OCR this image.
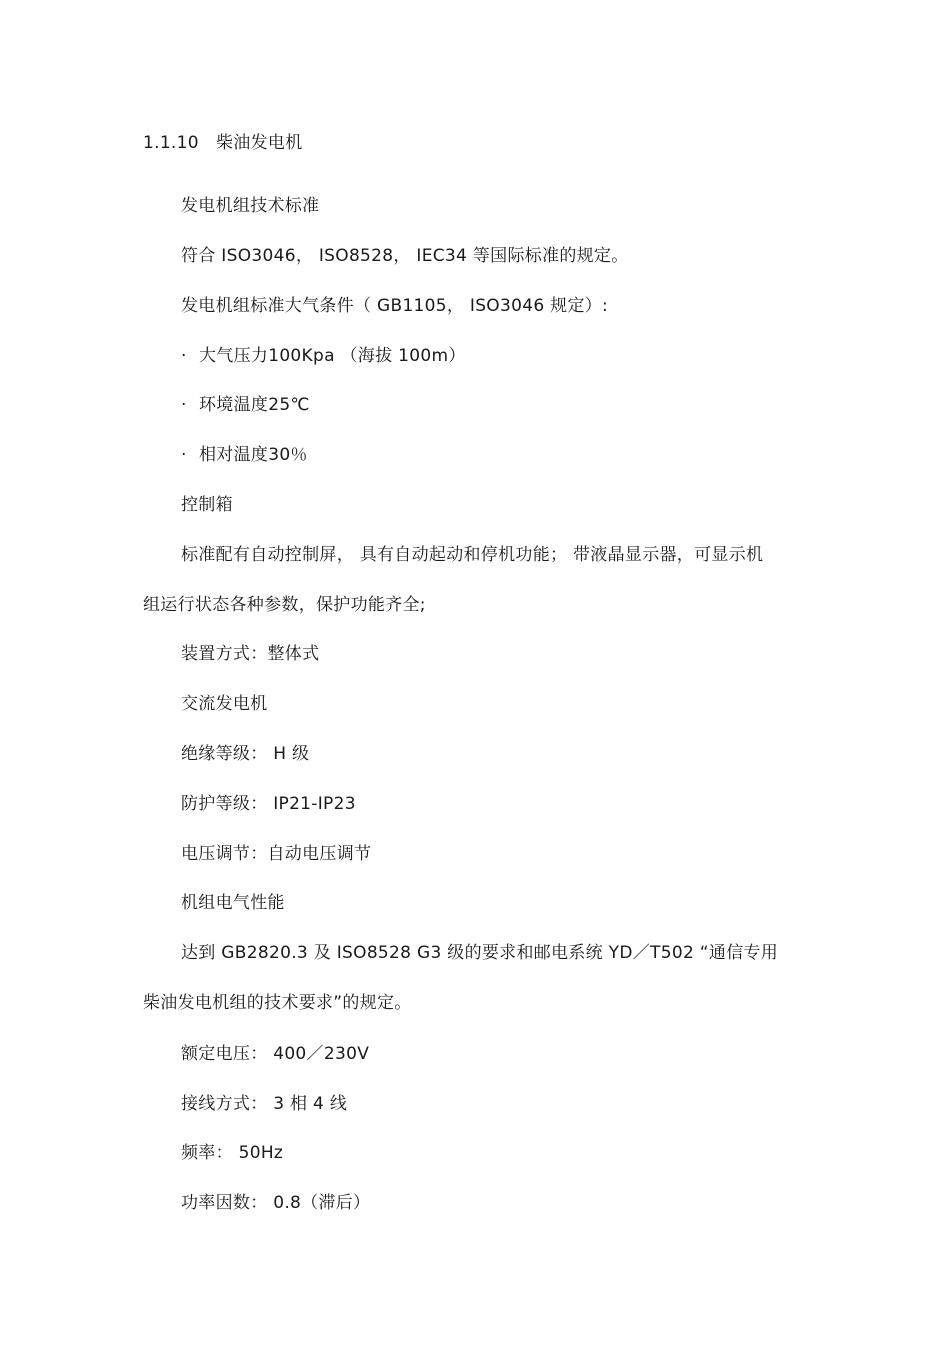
1.1.10 柴油发电机
发电机组技术标准
符合 ISO3046， ISO8528， IEC34 等国际标准的规定。
发电机组标准大气条件（ GB1105， ISO3046 规定）:
· 大气压力100Kpa （海拔 100m）
· 环境温度25℃
· 相对温度30％
控制箱
标准配有自动控制屏， 具有自动起动和停机功能； 带液晶显示器，可显示机
组运行状态各种参数，保护功能齐全;
装置方式：整体式
交流发电机
绝缘等级： H 级
防护等级： IP21-IP23
电压调节：自动电压调节
机组电气性能
达到 GB2820.3 及 ISO8528 G3 级的要求和邮电系统 YD／T502 “通信专用
柴油发电机组的技术要求”的规定。
额定电压： 400／230V
接线方式： 3 相 4 线
频率： 50Hz
功率因数： 0.8（滞后）
